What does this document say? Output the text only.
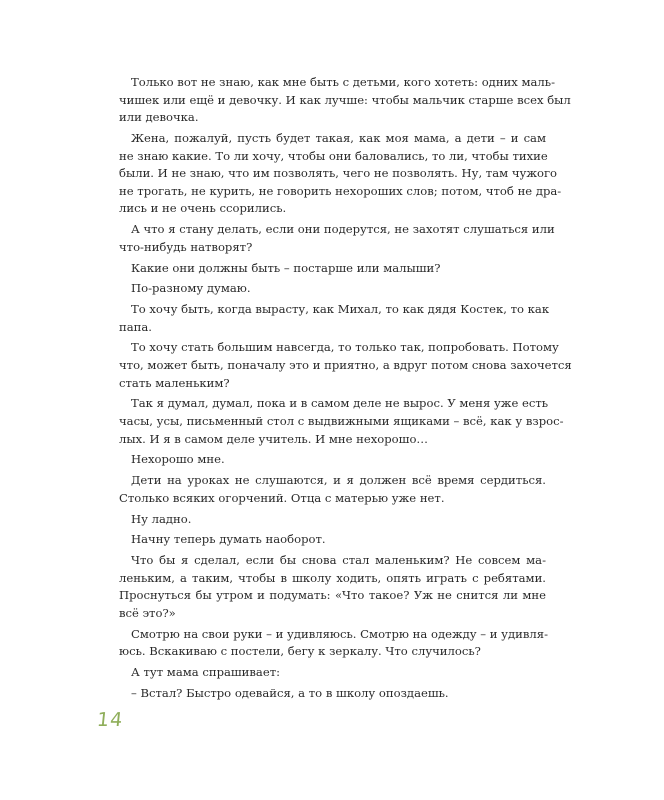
Только вот не знаю, как мне быть с детьми, кого хотеть: одних маль-
чишек или ещё и девочку. И как лучше: чтобы мальчик старше всех был
или девочка.
Жена, пожалуй, пусть будет такая, как моя мама, а дети – и сам
не знаю какие. То ли хочу, чтобы они баловались, то ли, чтобы тихие
были. И не знаю, что им позволять, чего не позволять. Ну, там чужого
не трогать, не курить, не говорить нехороших слов; потом, чтоб не дра-
лись и не очень ссорились.
А что я стану делать, если они подерутся, не захотят слушаться или
что-нибудь натворят?
Какие они должны быть – постарше или малыши?
По-разному думаю.
То хочу быть, когда вырасту, как Михал, то как дядя Костек, то как
папа.
То хочу стать большим навсегда, то только так, попробовать. Потому
что, может быть, поначалу это и приятно, а вдруг потом снова захочется
стать маленьким?
Так я думал, думал, пока и в самом деле не вырос. У меня уже есть
часы, усы, письменный стол с выдвижными ящиками – всё, как у взрос-
лых. И я в самом деле учитель. И мне нехорошо…
Нехорошо мне.
Дети на уроках не слушаются, и я должен всё время сердиться.
Столько всяких огорчений. Отца с матерью уже нет.
Ну ладно.
Начну теперь думать наоборот.
Что бы я сделал, если бы снова стал маленьким? Не совсем ма-
леньким, а таким, чтобы в школу ходить, опять играть с ребятами.
Проснуться бы утром и подумать: «Что такое? Уж не снится ли мне
всё это?»
Смотрю на свои руки – и удивляюсь. Смотрю на одежду – и удивля-
юсь. Вскакиваю с постели, бегу к зеркалу. Что случилось?
А тут мама спрашивает:
– Встал? Быстро одевайся, а то в школу опоздаешь.
14
